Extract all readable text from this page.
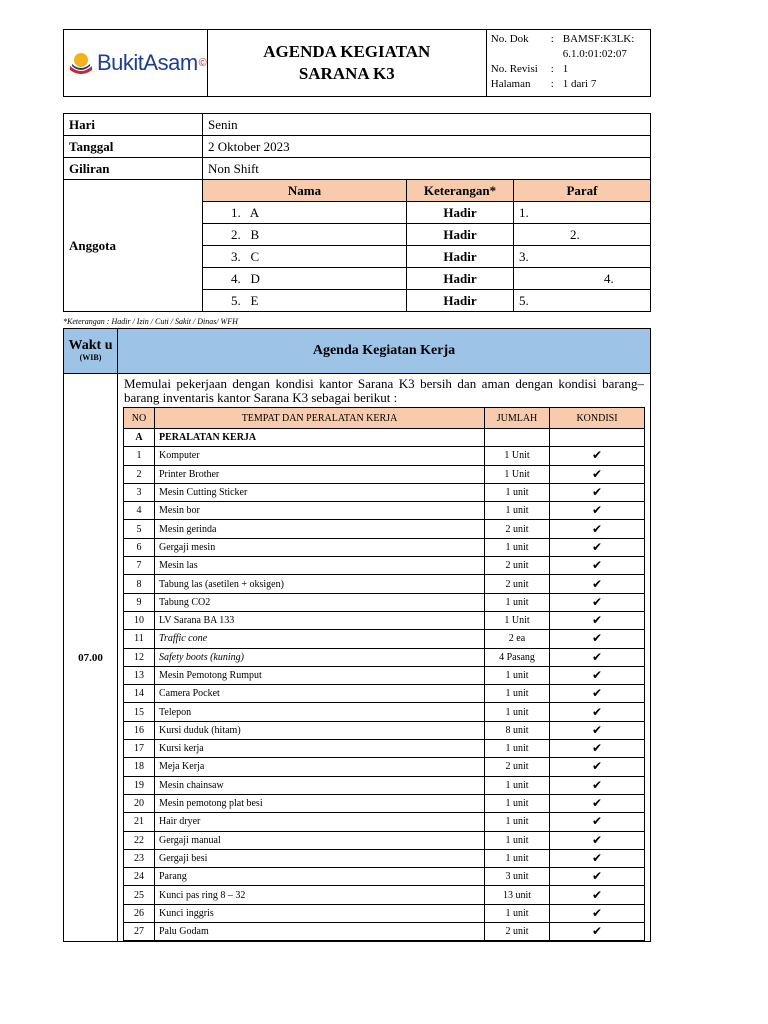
BukitAsam ©

AGENDA KEGIATAN
SARANA K3

No. Dok	: BAMSF:K3LK: 6.1.0:01:02:07
No. Revisi	: 1
Halaman	: 1 dari 7
Hari	Senin		
Tanggal	2 Oktober 2023		
Giliran	Non Shift		
Anggota	Nama	Keterangan*	Paraf
	1.   A	Hadir	1.
	2.   B	Hadir	2.
	3.   C	Hadir	3.
	4.   D	Hadir	4.
	5.   E	Hadir	5.
*Keterangan : Hadir / Izin / Cuti / Sakit / Dinas/ WFH
Wakt u
(WIB)	Agenda Kegiatan Kerja
07.00	
Memulai pekerjaan dengan kondisi kantor Sarana K3 bersih dan aman dengan kondisi barang–barang inventaris kantor Sarana K3 sebagai berikut :
NO	TEMPAT DAN PERALATAN KERJA	JUMLAH	KONDISI
A	PERALATAN KERJA		
1	Komputer	1 Unit	✔
2	Printer Brother	1 Unit	✔
3	Mesin Cutting Sticker	1 unit	✔
4	Mesin bor	1 unit	✔
5	Mesin gerinda	2 unit	✔
6	Gergaji mesin	1 unit	✔
7	Mesin las	2 unit	✔
8	Tabung las (asetilen + oksigen)	2 unit	✔
9	Tabung CO2	1 unit	✔
10	LV Sarana BA 133	1 Unit	✔
11	Traffic cone	2 ea	✔
12	Safety boots (kuning)	4 Pasang	✔
13	Mesin Pemotong Rumput	1 unit	✔
14	Camera Pocket	1 unit	✔
15	Telepon	1 unit	✔
16	Kursi duduk (hitam)	8 unit	✔
17	Kursi kerja	1 unit	✔
18	Meja Kerja	2 unit	✔
19	Mesin chainsaw	1 unit	✔
20	Mesin pemotong plat besi	1 unit	✔
21	Hair dryer	1 unit	✔
22	Gergaji manual	1 unit	✔
23	Gergaji besi	1 unit	✔
24	Parang	3 unit	✔
25	Kunci pas ring 8 – 32	13 unit	✔
26	Kunci inggris	1 unit	✔
27	Palu Godam	2 unit	✔
